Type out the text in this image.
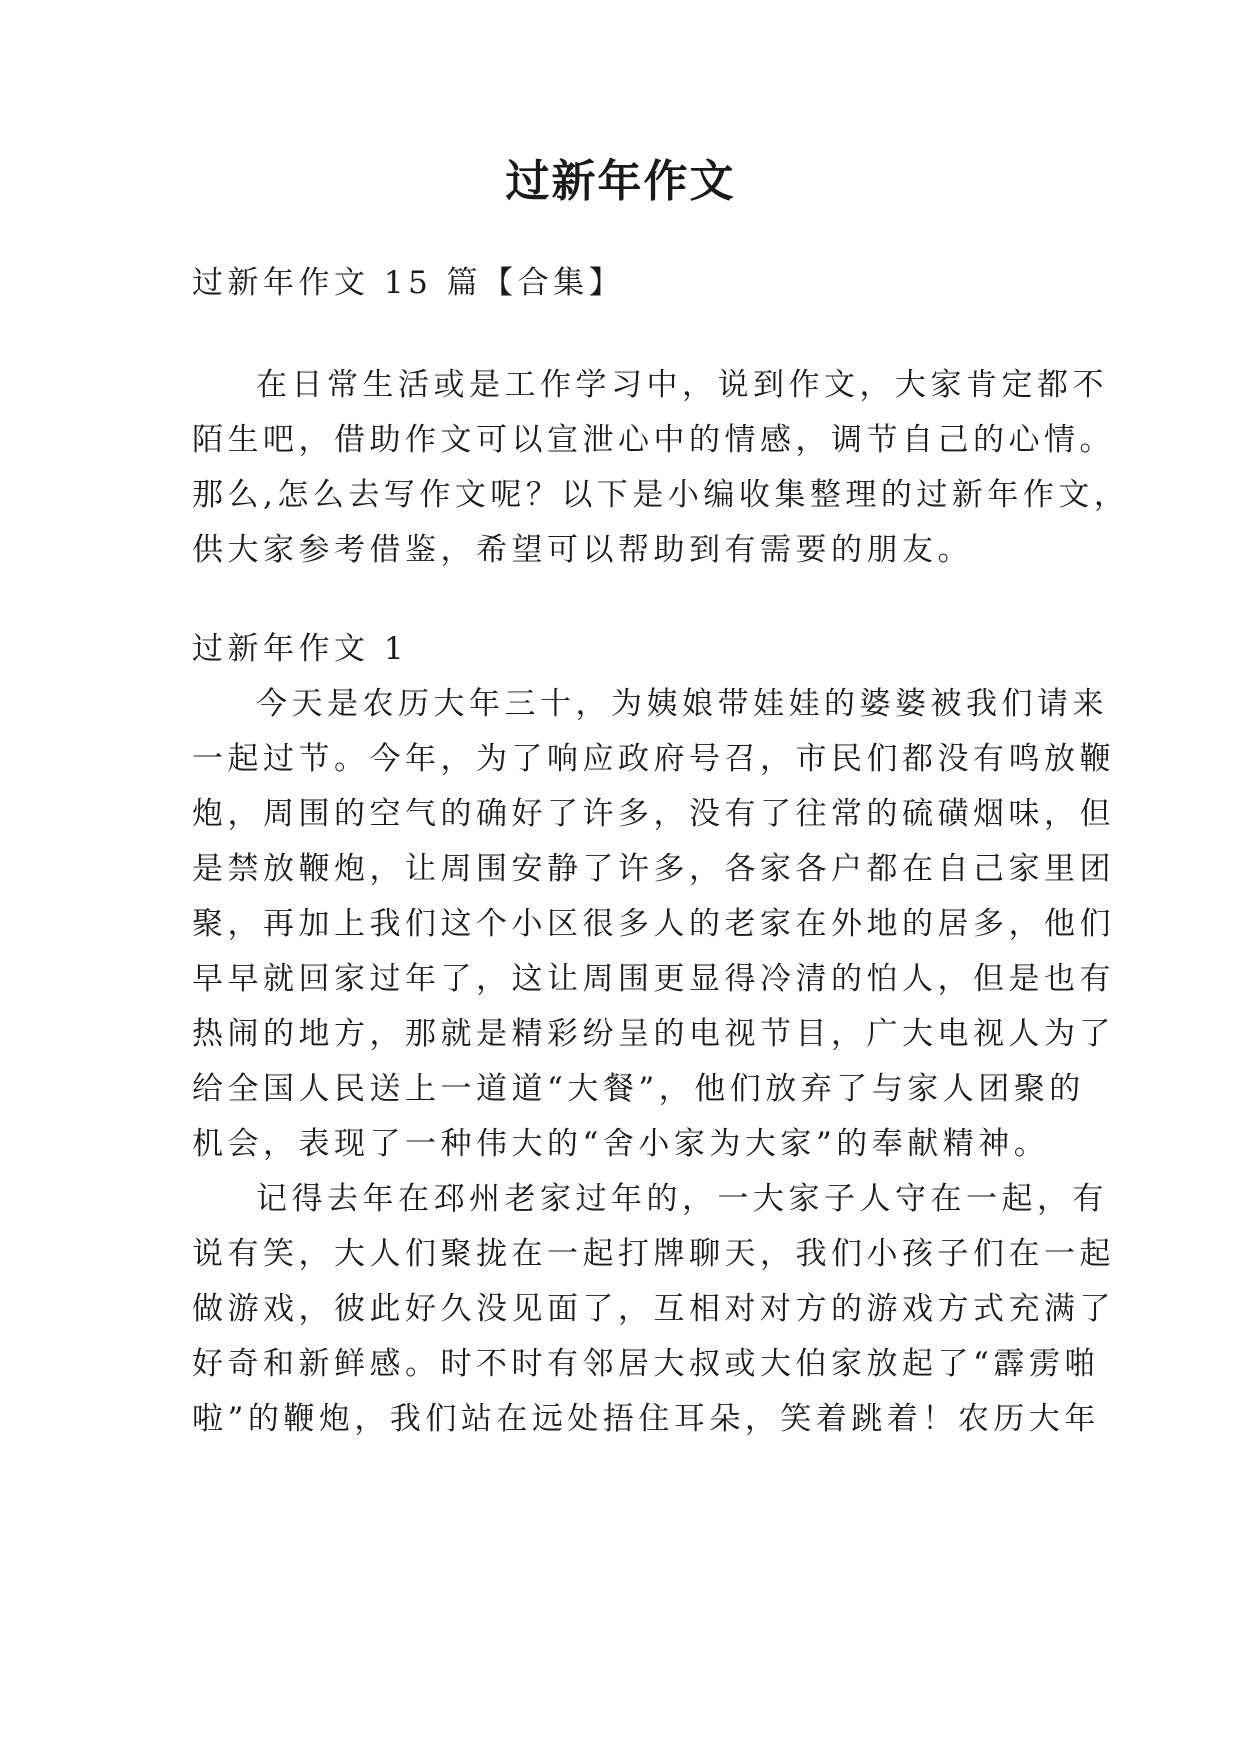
过新年作文

过新年作文 15 篇【合集】

在日常生活或是工作学习中，说到作文，大家肯定都不

陌生吧，借助作文可以宣泄心中的情感，调节自己的心情。

那么,怎么去写作文呢？以下是小编收集整理的过新年作文，

供大家参考借鉴，希望可以帮助到有需要的朋友。

过新年作文 1

今天是农历大年三十，为姨娘带娃娃的婆婆被我们请来

一起过节。今年，为了响应政府号召，市民们都没有鸣放鞭

炮，周围的空气的确好了许多，没有了往常的硫磺烟味，但

是禁放鞭炮，让周围安静了许多，各家各户都在自己家里团

聚，再加上我们这个小区很多人的老家在外地的居多，他们

早早就回家过年了，这让周围更显得冷清的怕人，但是也有

热闹的地方，那就是精彩纷呈的电视节目，广大电视人为了

给全国人民送上一道道“大餐”，他们放弃了与家人团聚的

机会，表现了一种伟大的“舍小家为大家”的奉献精神。

记得去年在邳州老家过年的，一大家子人守在一起，有

说有笑，大人们聚拢在一起打牌聊天，我们小孩子们在一起

做游戏，彼此好久没见面了，互相对对方的游戏方式充满了

好奇和新鲜感。时不时有邻居大叔或大伯家放起了“霹雳啪

啦”的鞭炮，我们站在远处捂住耳朵，笑着跳着！农历大年
